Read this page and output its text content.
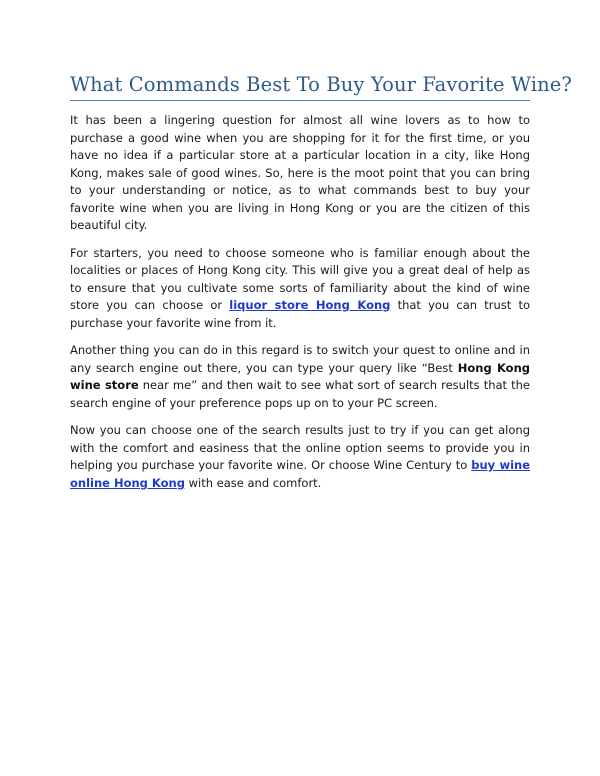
What Commands Best To Buy Your Favorite Wine?

It has been a lingering question for almost all wine lovers as to how to purchase a good wine when you are shopping for it for the first time, or you have no idea if a particular store at a particular location in a city, like Hong Kong, makes sale of good wines. So, here is the moot point that you can bring to your understanding or notice, as to what commands best to buy your favorite wine when you are living in Hong Kong or you are the citizen of this beautiful city.

For starters, you need to choose someone who is familiar enough about the localities or places of Hong Kong city. This will give you a great deal of help as to ensure that you cultivate some sorts of familiarity about the kind of wine store you can choose or liquor store Hong Kong that you can trust to purchase your favorite wine from it.

Another thing you can do in this regard is to switch your quest to online and in any search engine out there, you can type your query like “Best Hong Kong wine store near me” and then wait to see what sort of search results that the search engine of your preference pops up on to your PC screen.

Now you can choose one of the search results just to try if you can get along with the comfort and easiness that the online option seems to provide you in helping you purchase your favorite wine. Or choose Wine Century to buy wine online Hong Kong with ease and comfort.
